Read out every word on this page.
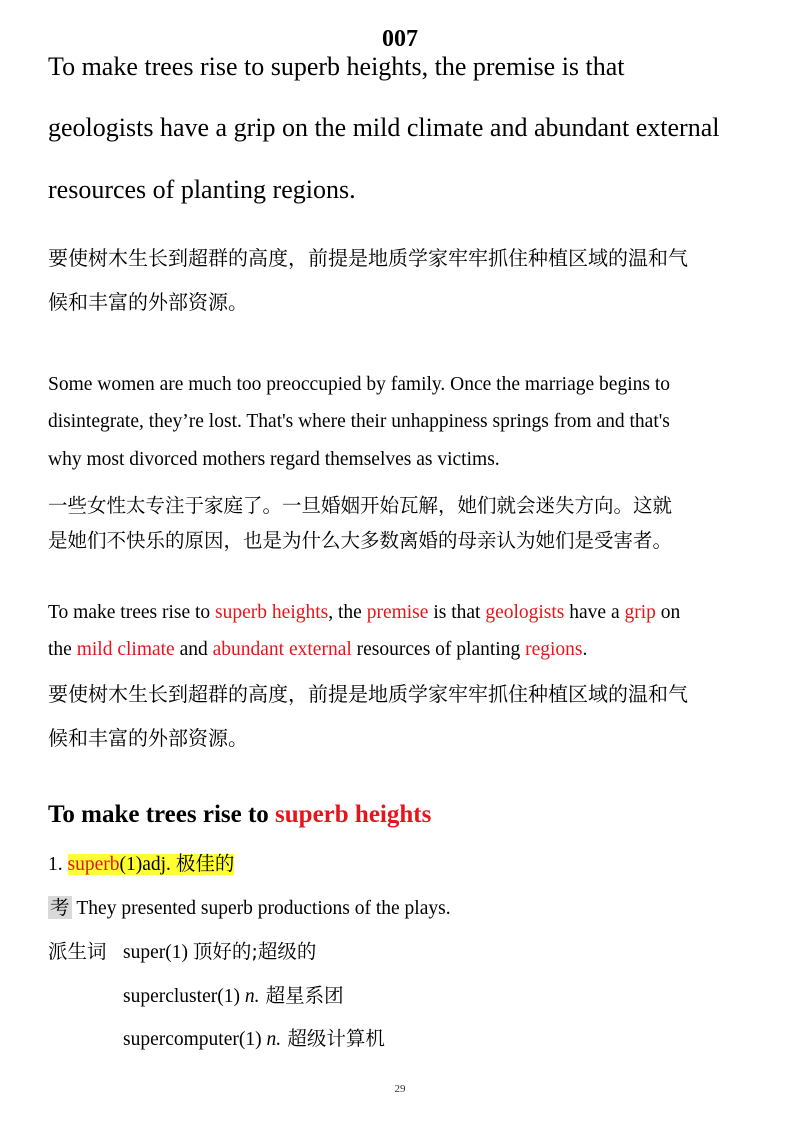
007
To make trees rise to superb heights, the premise is that
geologists have a grip on the mild climate and abundant external
resources of planting regions.
要使树木生长到超群的高度，前提是地质学家牢牢抓住种植区域的温和气
候和丰富的外部资源。
Some women are much too preoccupied by family. Once the marriage begins to
disintegrate, they’re lost. That's where their unhappiness springs from and that's
why most divorced mothers regard themselves as victims.
一些女性太专注于家庭了。一旦婚姻开始瓦解，她们就会迷失方向。这就
是她们不快乐的原因，也是为什么大多数离婚的母亲认为她们是受害者。
To make trees rise to superb heights, the premise is that geologists have a grip on
the mild climate and abundant external resources of planting regions.
要使树木生长到超群的高度，前提是地质学家牢牢抓住种植区域的温和气
候和丰富的外部资源。
To make trees rise to superb heights
1. superb(1)adj. 极佳的
考 They presented superb productions of the plays.
派生词 super(1) 顶好的;超级的
supercluster(1) n. 超星系团
supercomputer(1) n. 超级计算机
29
